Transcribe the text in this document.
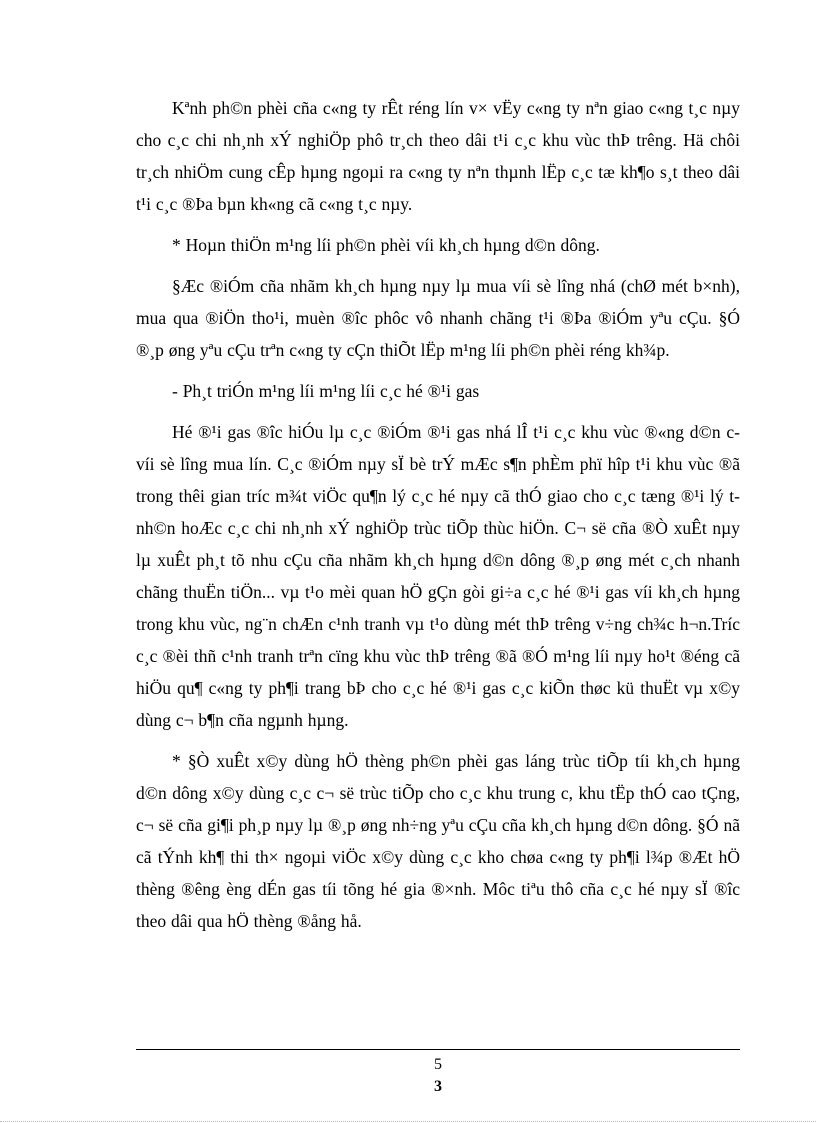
Kªnh ph©n phèi cña c«ng ty rÊt réng lín v× vËy c«ng ty nªn giao c«ng t¸c nµy cho c¸c chi nh¸nh xÝ nghiÖp phô tr¸ch theo dâi t¹i c¸c khu vùc thÞ trêng. Hä chôi tr¸ch nhiÖm cung cÊp hµng ngoµi ra c«ng ty nªn thµnh lËp c¸c tæ kh¶o s¸t theo dâi t¹i c¸c ®Þa bµn kh«ng cã c«ng t¸c nµy.

* Hoµn thiÖn m¹ng líi ph©n phèi víi kh¸ch hµng d©n dông.

§Æc ®iÓm cña nhãm kh¸ch hµng nµy lµ mua víi sè lîng nhá (chØ mét b×nh), mua qua ®iÖn tho¹i, muèn ®îc phôc vô nhanh chãng t¹i ®Þa ®iÓm yªu cÇu. §Ó ®¸p øng yªu cÇu trªn c«ng ty cÇn thiÕt lËp m¹ng líi ph©n phèi réng kh¾p.

- Ph¸t triÓn m¹ng líi m¹ng líi c¸c hé ®¹i gas

Hé ®¹i gas ®îc hiÓu lµ c¸c ®iÓm ®¹i gas nhá lÎ t¹i c¸c khu vùc ®«ng d©n c víi sè lîng mua lín. C¸c ®iÓm nµy sÏ bè trÝ mÆc s¶n phÈm phï hîp t¹i khu vùc ®ã trong thêi gian tríc m¾t viÖc qu¶n lý c¸c hé nµy cã thÓ giao cho c¸c tæng ®¹i lý t nh©n hoÆc c¸c chi nh¸nh xÝ nghiÖp trùc tiÕp thùc hiÖn. C¬ së cña ®Ò xuÊt nµy lµ xuÊt ph¸t tõ nhu cÇu cña nhãm kh¸ch hµng d©n dông ®¸p øng mét c¸ch nhanh chãng thuËn tiÖn... vµ t¹o mèi quan hÖ gÇn gòi gi÷a c¸c hé ®¹i gas víi kh¸ch hµng trong khu vùc, ng¨n chÆn c¹nh tranh vµ t¹o dùng mét thÞ trêng v÷ng ch¾c h¬n.Tríc c¸c ®èi thñ c¹nh tranh trªn cïng khu vùc thÞ trêng ®ã ®Ó m¹ng líi nµy ho¹t ®éng cã hiÖu qu¶ c«ng ty ph¶i trang bÞ cho c¸c hé ®¹i gas c¸c kiÕn thøc kü thuËt vµ x©y dùng c¬ b¶n cña ngµnh hµng.

* §Ò xuÊt x©y dùng hÖ thèng ph©n phèi gas láng trùc tiÕp tíi kh¸ch hµng d©n dông x©y dùng c¸c c¬ së trùc tiÕp cho c¸c khu trung c, khu tËp thÓ cao tÇng, c¬ së cña gi¶i ph¸p nµy lµ ®¸p øng nh÷ng yªu cÇu cña kh¸ch hµng d©n dông. §Ó nã cã tÝnh kh¶ thi th× ngoµi viÖc x©y dùng c¸c kho chøa c«ng ty ph¶i l¾p ®Æt hÖ thèng ®êng èng dÉn gas tíi tõng hé gia ®×nh. Môc tiªu thô cña c¸c hé nµy sÏ ®îc theo dâi qua hÖ thèng ®ång hå.

5
3
